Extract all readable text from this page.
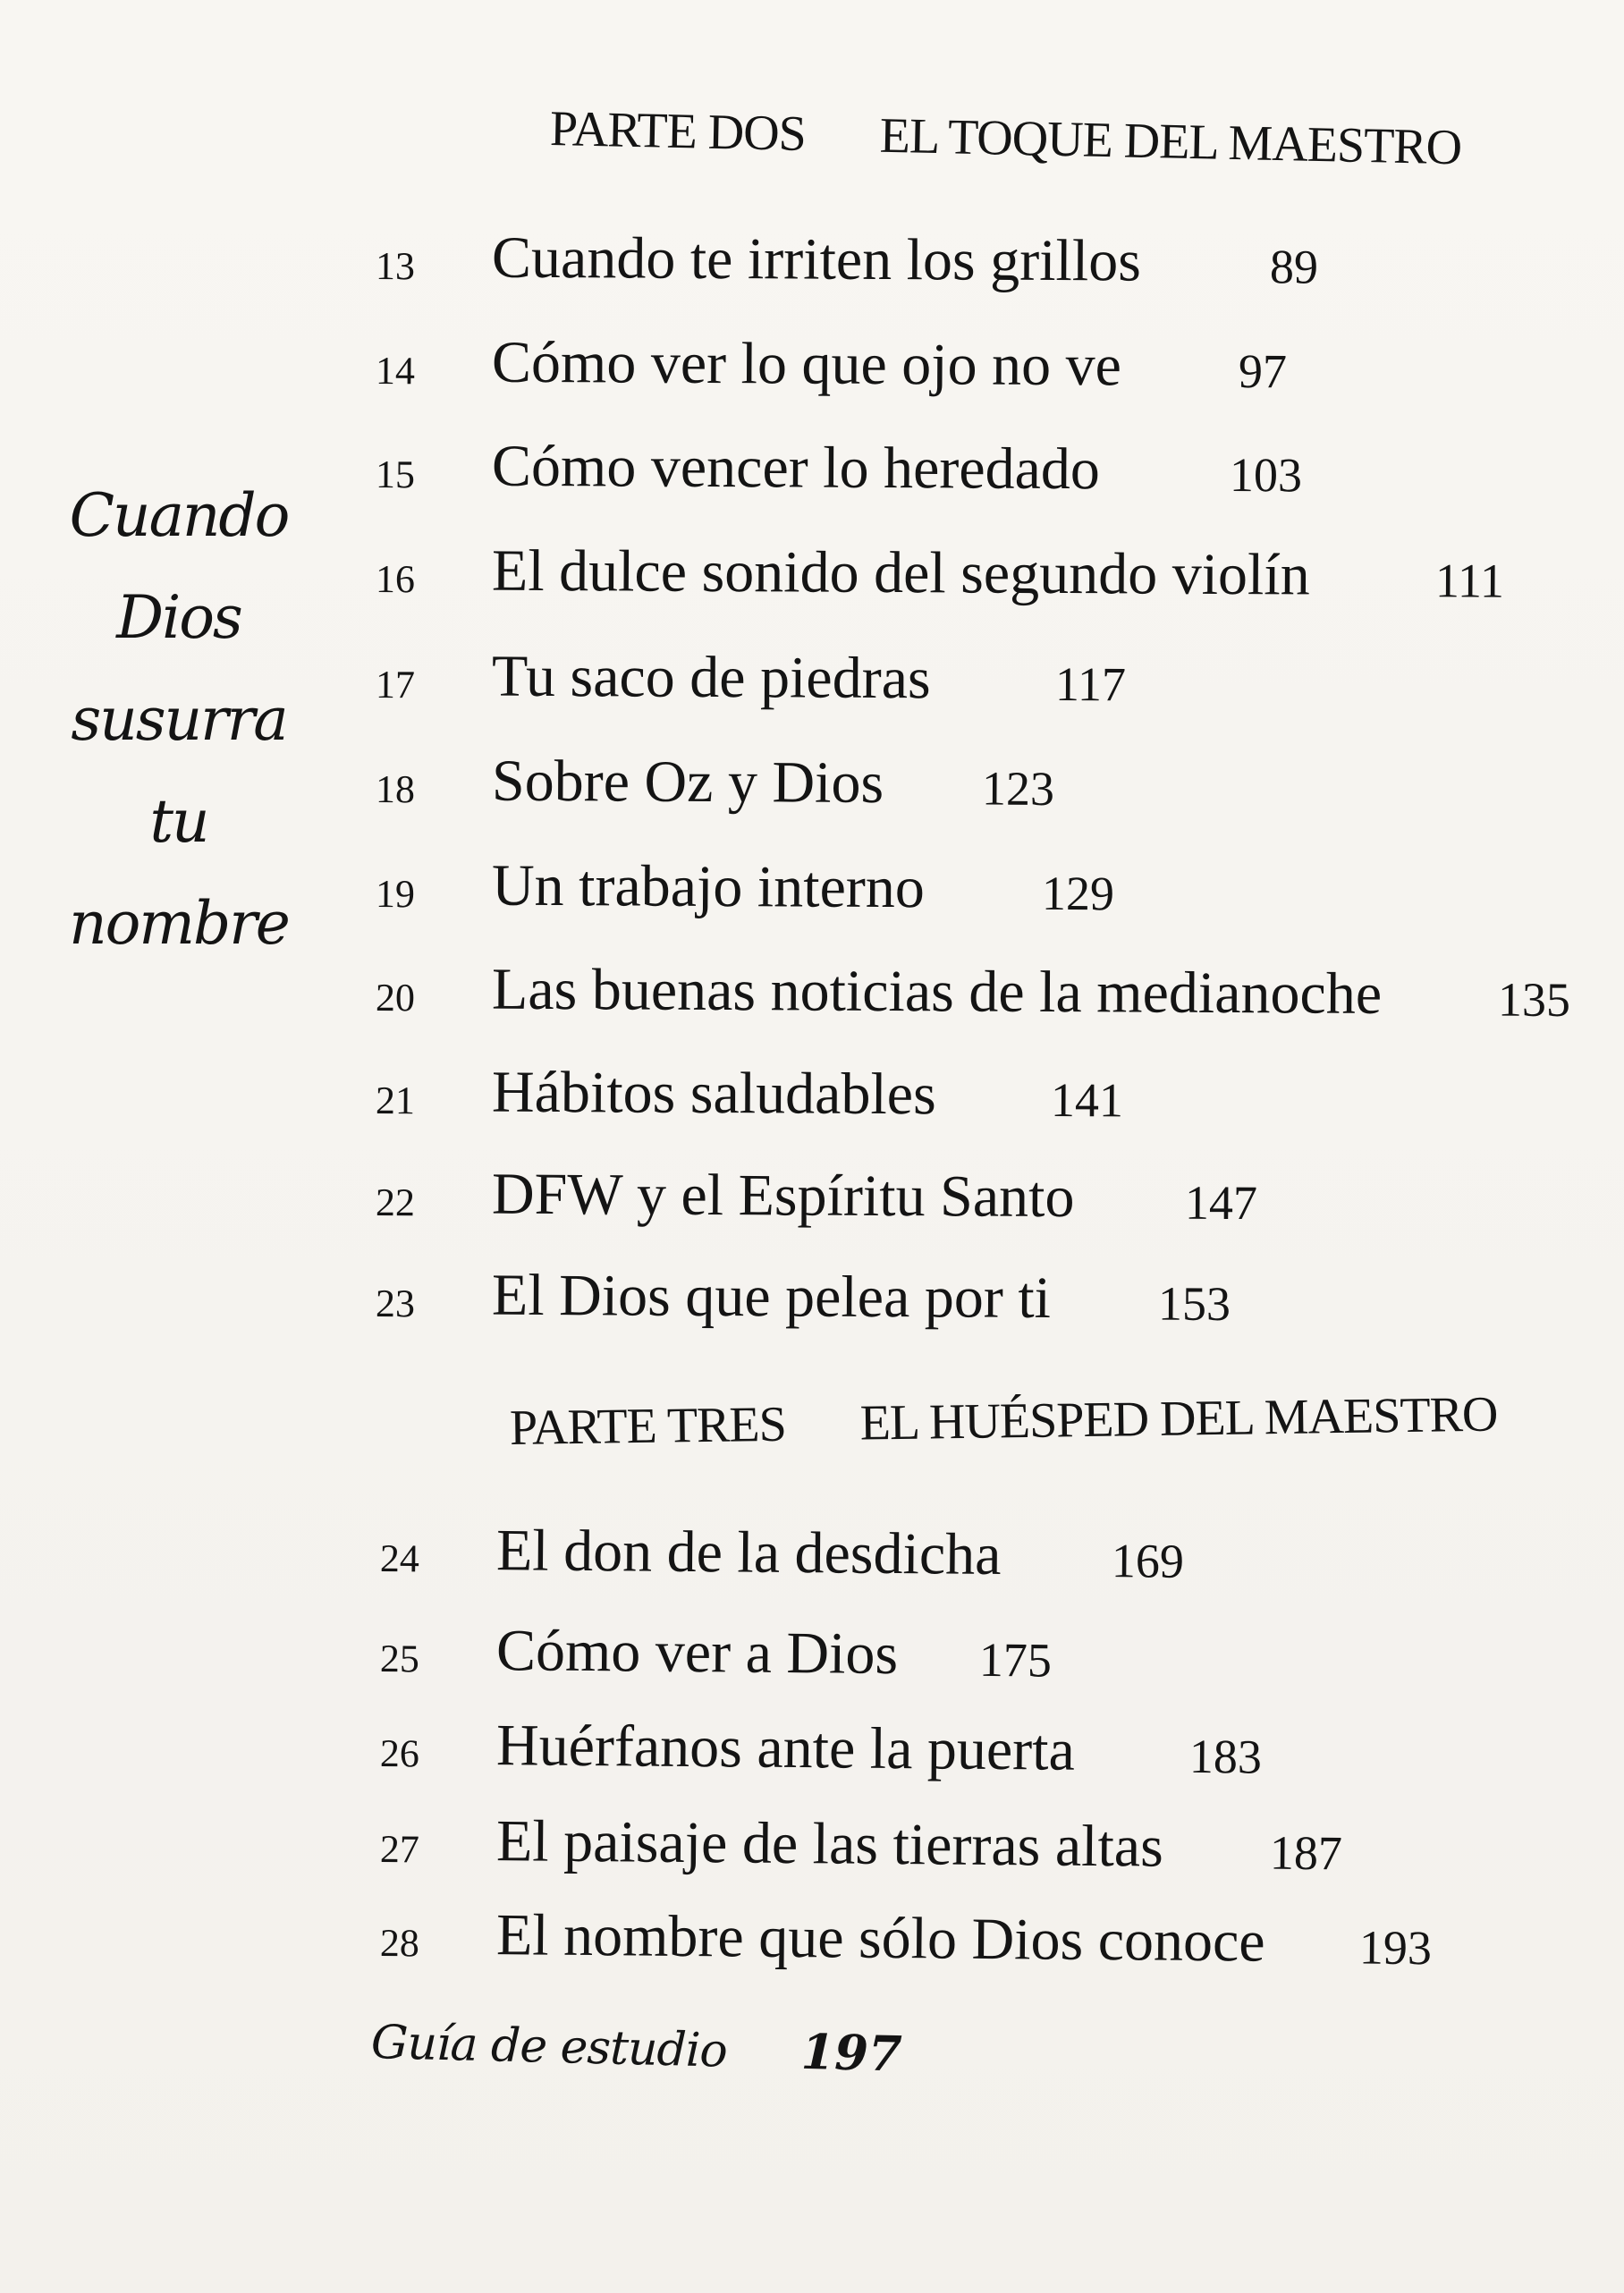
Cuando
Dios
susurra
tu
nombre
PARTE DOS EL TOQUE DEL MAESTRO
13	Cuando te irriten los grillos	89
14	Cómo ver lo que ojo no ve 97
15	Cómo vencer lo heredado	103
16	El dulce sonido del segundo violín	111
17	Tu saco de piedras	117
18	Sobre Oz y Dios 123
19	Un trabajo interno 129
20	Las buenas noticias de la medianoche 135
21	Hábitos saludables 141
22	DFW y el Espíritu Santo 147
23	El Dios que pelea por ti 153
PARTE TRES EL HUÉSPED DEL MAESTRO
24	El don de la desdicha 169
25	Cómo ver a Dios 175
26	Huérfanos ante la puerta 183
27	El paisaje de las tierras altas 187
28	El nombre que sólo Dios conoce 193
Guía de estudio 197
